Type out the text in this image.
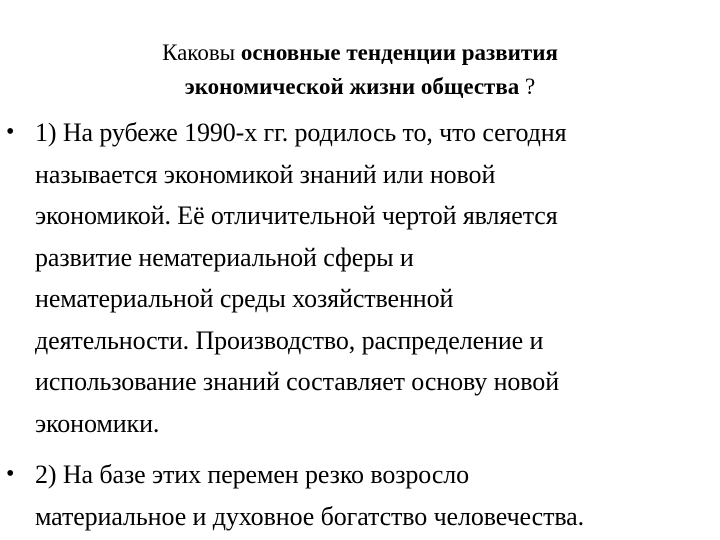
Каковы основные тенденции развития
экономической жизни общества ?
• 1) На рубеже 1990-х гг. родилось то, что сегодня
называется экономикой знаний или новой
экономикой. Её отличительной чертой является
развитие нематериальной сферы и
нематериальной среды хозяйственной
деятельности. Производство, распределение и
использование знаний составляет основу новой
экономики.
• 2) На базе этих перемен резко возросло
материальное и духовное богатство человечества.
